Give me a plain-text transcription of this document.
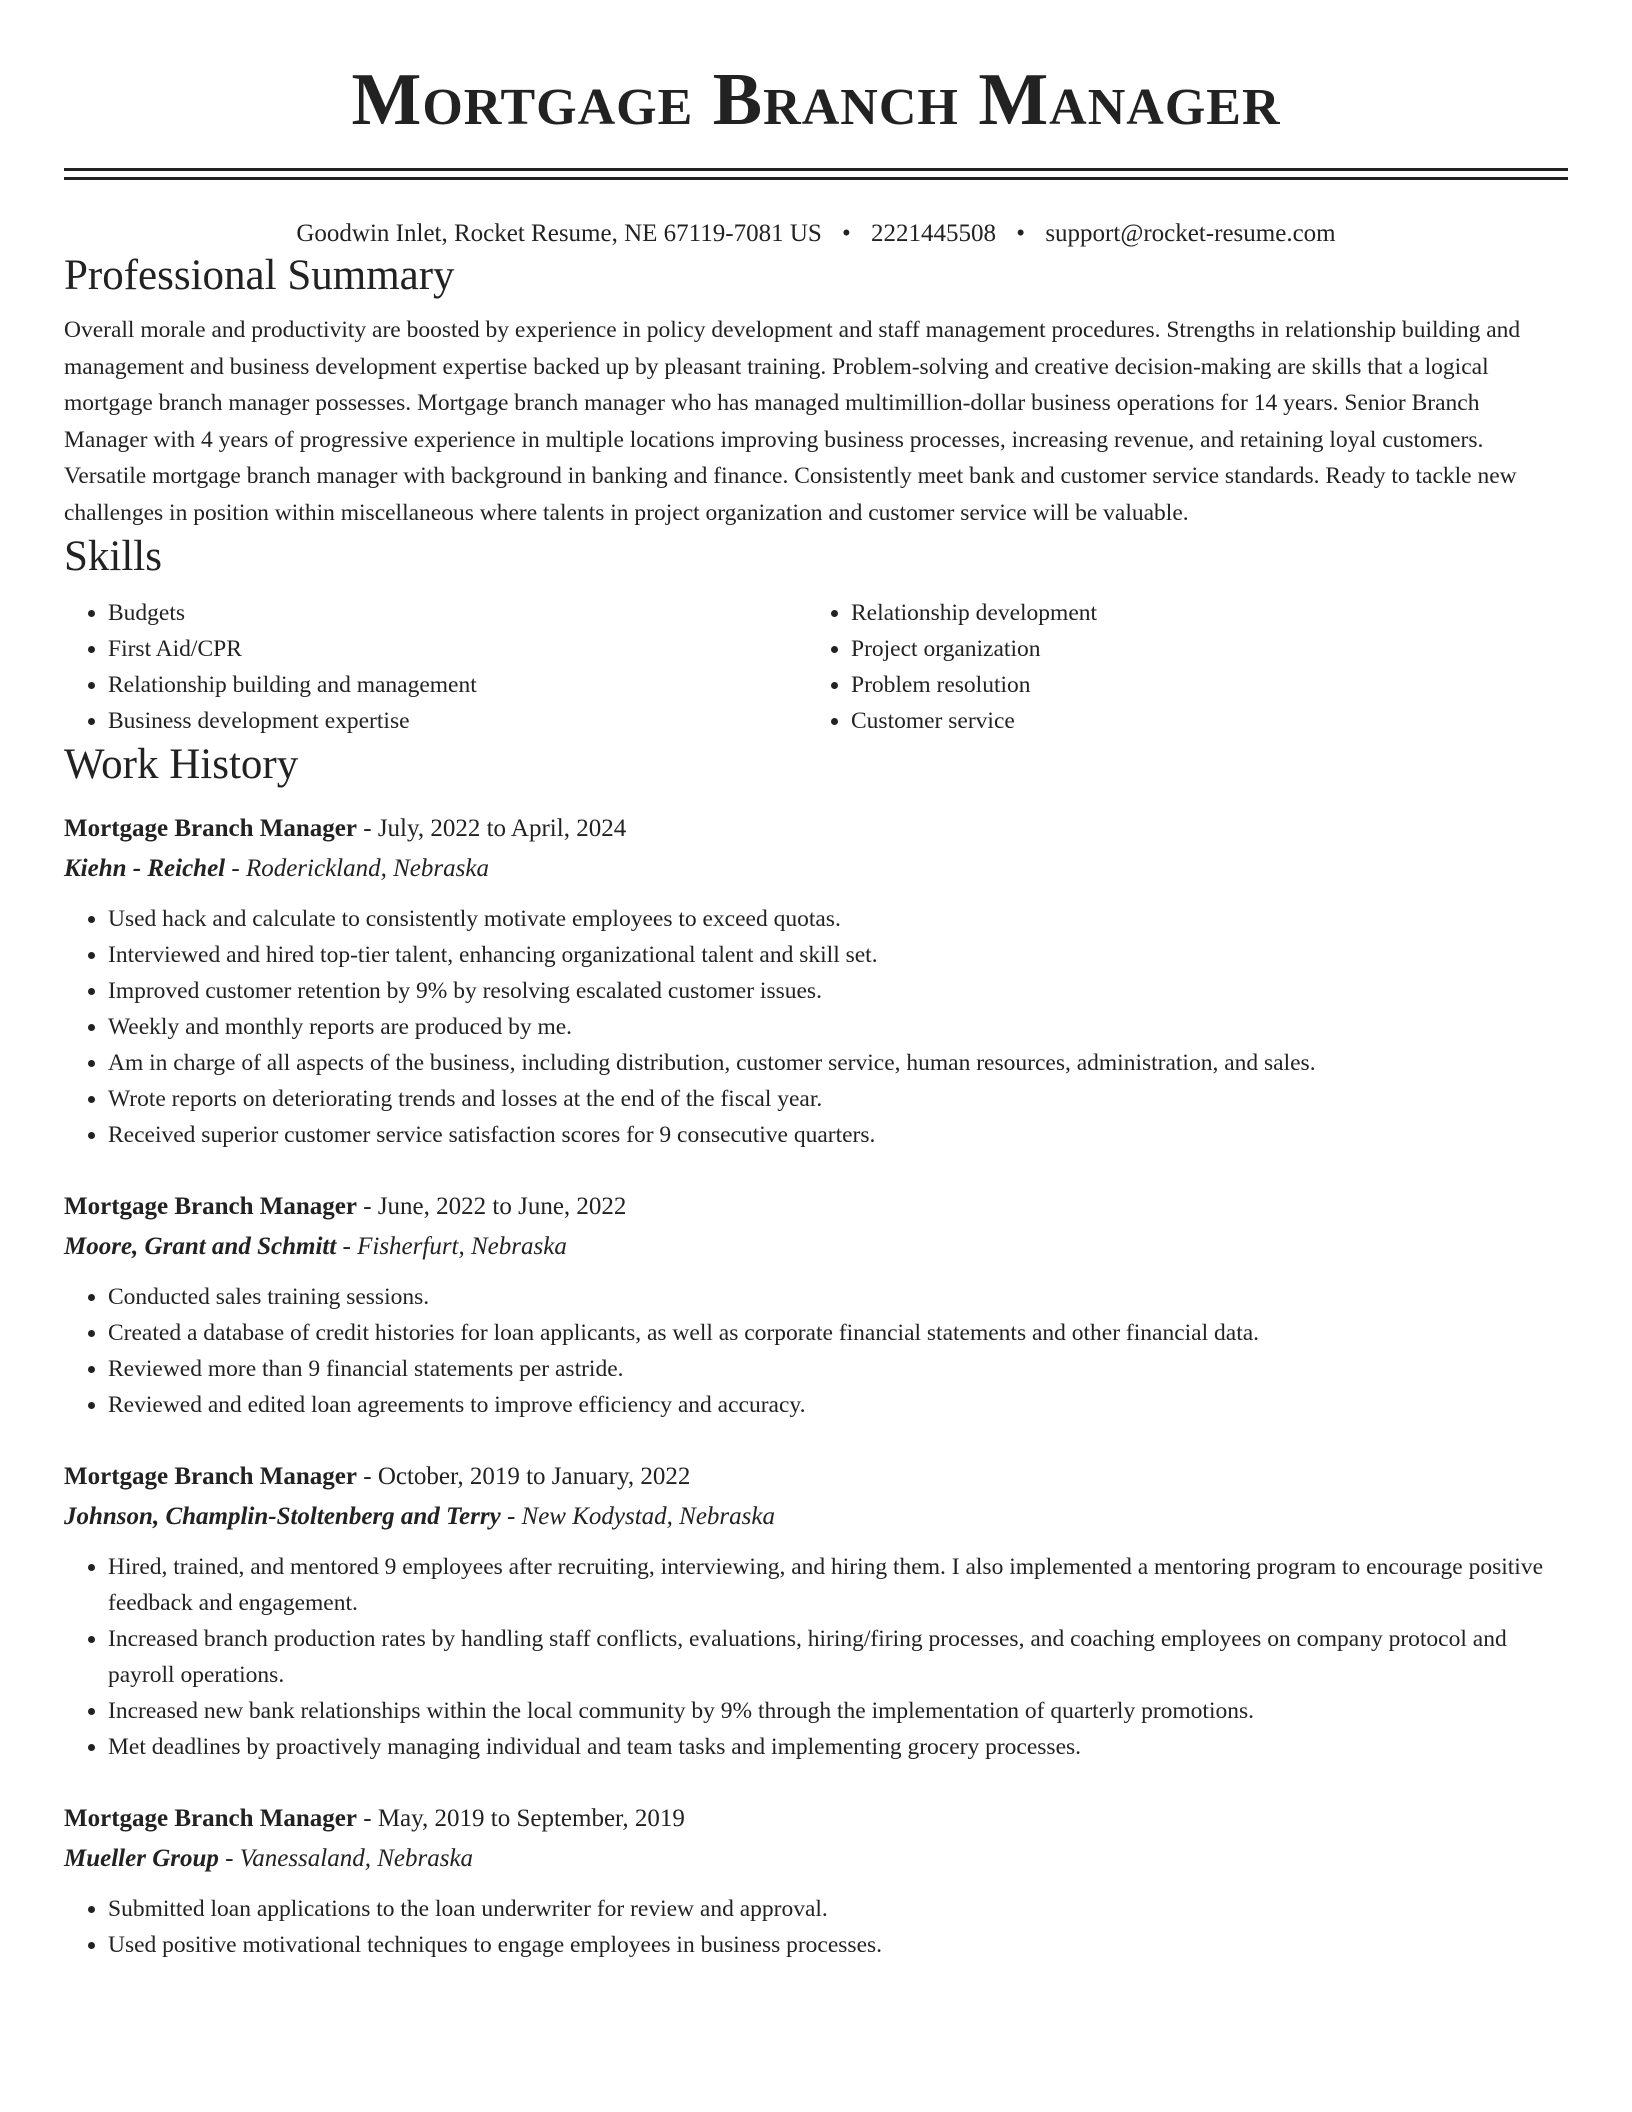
Mortgage Branch Manager
Goodwin Inlet, Rocket Resume, NE 67119-7081 US • 2221445508 • support@rocket-resume.com
Professional Summary

Overall morale and productivity are boosted by experience in policy development and staff management procedures. Strengths in relationship building and management and business development expertise backed up by pleasant training. Problem-solving and creative decision-making are skills that a logical mortgage branch manager possesses. Mortgage branch manager who has managed multimillion-dollar business operations for 14 years. Senior Branch Manager with 4 years of progressive experience in multiple locations improving business processes, increasing revenue, and retaining loyal customers. Versatile mortgage branch manager with background in banking and finance. Consistently meet bank and customer service standards. Ready to tackle new challenges in position within miscellaneous where talents in project organization and customer service will be valuable.

Skills
• Budgets
• First Aid/CPR
• Relationship building and management
• Business development expertise
• Relationship development
• Project organization
• Problem resolution
• Customer service
Work History
Mortgage Branch Manager - July, 2022 to April, 2024
Kiehn - Reichel - Roderickland, Nebraska
• Used hack and calculate to consistently motivate employees to exceed quotas.
• Interviewed and hired top-tier talent, enhancing organizational talent and skill set.
• Improved customer retention by 9% by resolving escalated customer issues.
• Weekly and monthly reports are produced by me.
• Am in charge of all aspects of the business, including distribution, customer service, human resources, administration, and sales.
• Wrote reports on deteriorating trends and losses at the end of the fiscal year.
• Received superior customer service satisfaction scores for 9 consecutive quarters.
Mortgage Branch Manager - June, 2022 to June, 2022
Moore, Grant and Schmitt - Fisherfurt, Nebraska
• Conducted sales training sessions.
• Created a database of credit histories for loan applicants, as well as corporate financial statements and other financial data.
• Reviewed more than 9 financial statements per astride.
• Reviewed and edited loan agreements to improve efficiency and accuracy.
Mortgage Branch Manager - October, 2019 to January, 2022
Johnson, Champlin-Stoltenberg and Terry - New Kodystad, Nebraska
• Hired, trained, and mentored 9 employees after recruiting, interviewing, and hiring them. I also implemented a mentoring program to encourage positive feedback and engagement.
• Increased branch production rates by handling staff conflicts, evaluations, hiring/firing processes, and coaching employees on company protocol and payroll operations.
• Increased new bank relationships within the local community by 9% through the implementation of quarterly promotions.
• Met deadlines by proactively managing individual and team tasks and implementing grocery processes.
Mortgage Branch Manager - May, 2019 to September, 2019
Mueller Group - Vanessaland, Nebraska
• Submitted loan applications to the loan underwriter for review and approval.
• Used positive motivational techniques to engage employees in business processes.
